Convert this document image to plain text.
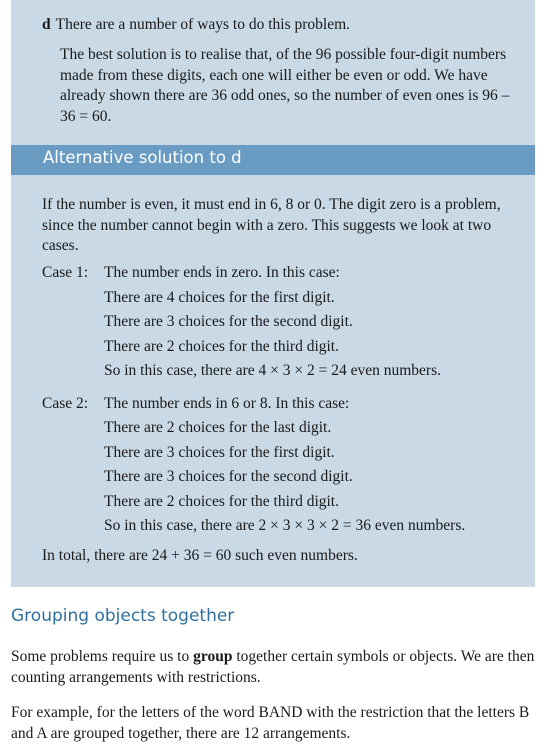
d There are a number of ways to do this problem.

The best solution is to realise that, of the 96 possible four-digit numbers made from these digits, each one will either be even or odd. We have already shown there are 36 odd ones, so the number of even ones is 96 – 36 = 60.

Alternative solution to d

If the number is even, it must end in 6, 8 or 0. The digit zero is a problem, since the number cannot begin with a zero. This suggests we look at two cases.

Case 1: The number ends in zero. In this case:
There are 4 choices for the first digit.
There are 3 choices for the second digit.
There are 2 choices for the third digit.
So in this case, there are 4 × 3 × 2 = 24 even numbers.
Case 2: The number ends in 6 or 8. In this case:
There are 2 choices for the last digit.
There are 3 choices for the first digit.
There are 3 choices for the second digit.
There are 2 choices for the third digit.
So in this case, there are 2 × 3 × 3 × 2 = 36 even numbers.
In total, there are 24 + 36 = 60 such even numbers.
Grouping objects together

Some problems require us to group together certain symbols or objects. We are then counting arrangements with restrictions.

For example, for the letters of the word BAND with the restriction that the letters B and A are grouped together, there are 12 arrangements.
